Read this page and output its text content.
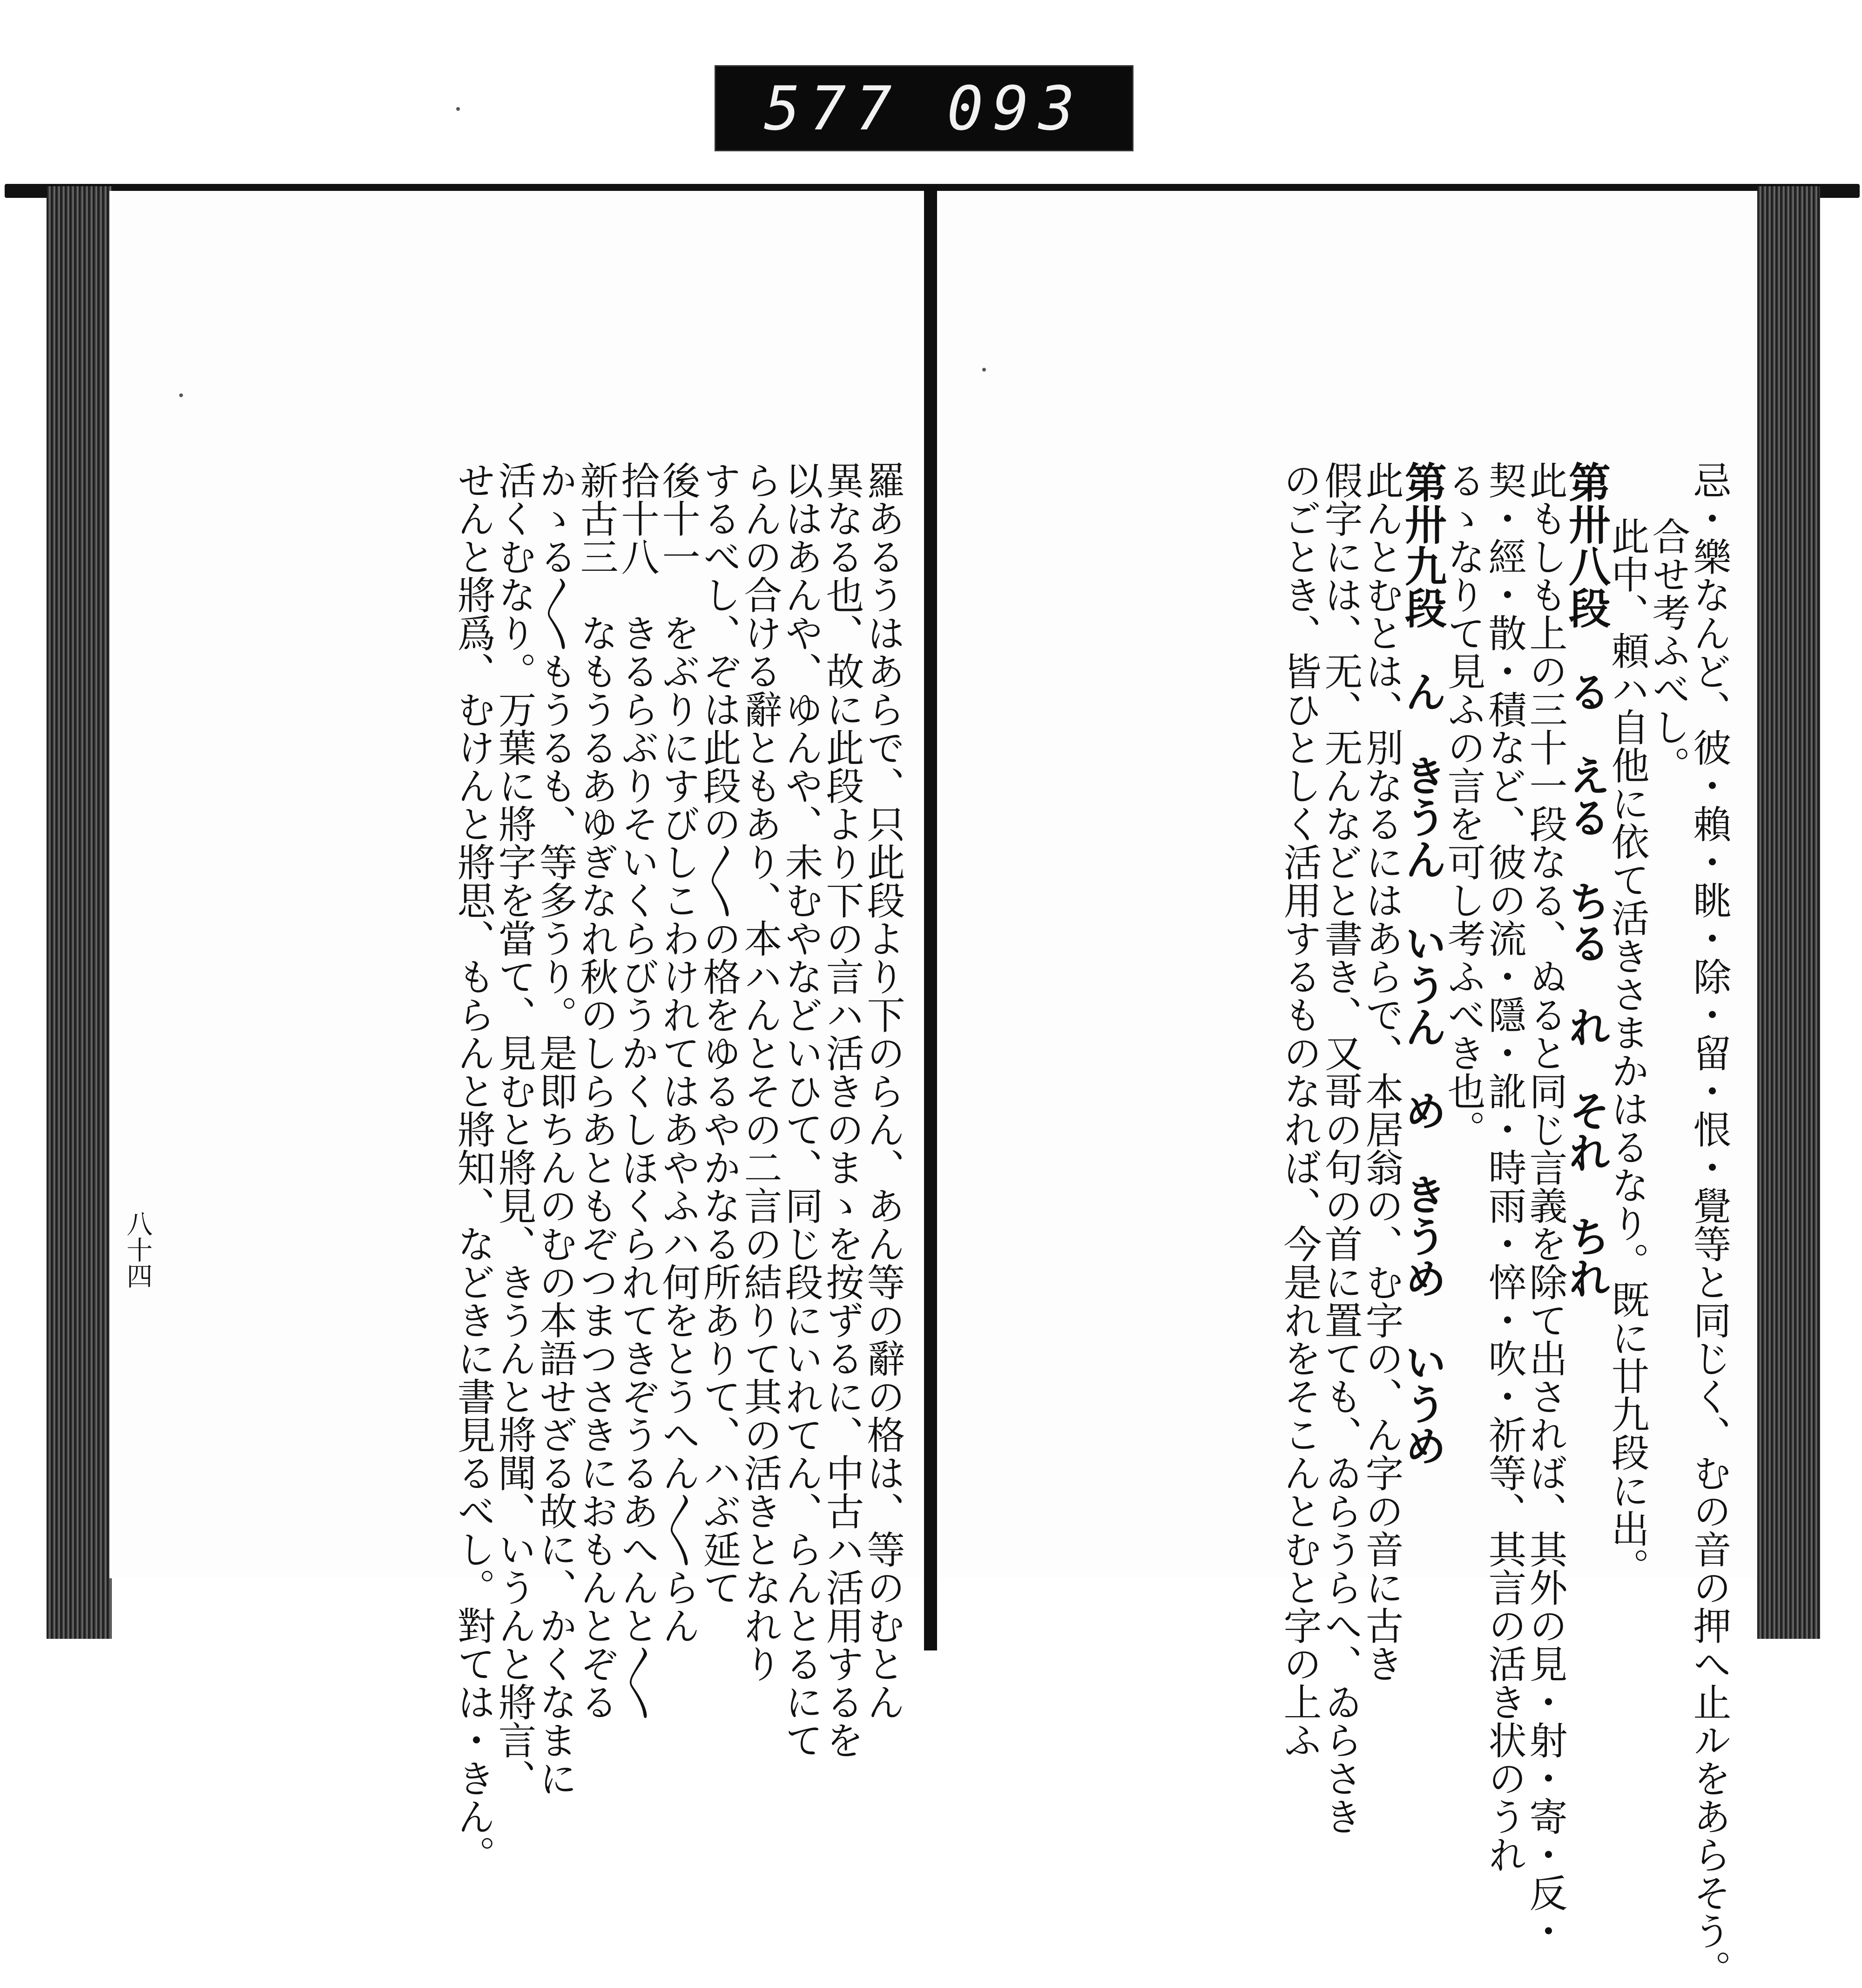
577 093
忌・樂なんど、彼・賴・眺・除・留・恨・覺等と同じく、むの音の押へ止ルをあらそう。
合せ考ふべし。
此中、頼ハ自他に依て活きさまかはるなり。既に廿九段に出。
第卅八段　る　える　ちる　れ　それ　ちれ
此もしも上の三十一段なる、ぬると同じ言義を除て出されば、其外の見・射・寄・反・
契・經・散・積など、彼の流・隱・訛・時雨・悴・吹・祈等、其言の活き状のうれ
るゝなりて見ふの言を可し考ふべき也。
第卅九段　ん　きうん　いうん　め　きうめ　いうめ
此んとむとは、別なるにはあらで、本居翁の、む字の、ん字の音に古き
假字には、无、无んなどと書き、又哥の句の首に置ても、ゐらうらへ、ゐらさき
のごとき、皆ひとしく活用するものなれば、今是れをそこんとむと字の上ふ
羅あるうはあらで、只此段より下のらん、あん等の辭の格は、等のむとん
異なる也、故に此段より下の言ハ活きのまゝを按ずるに、中古ハ活用するを
以はあんや、ゆんや、未むやなどいひて、同じ段にいれてん、らんとるにて
らんの合ける辭ともあり、本ハんとその二言の結りて其の活きとなれり
するべし、ぞは此段の〳〵の格をゆるやかなる所ありて、ハぶ延て
後十一　をぶりにすびしこわけれてはあやふハ何をとうへん〳〵らん
拾十八　きるらぶりそいくらびうかくしほくられてきぞうるあへんと〳〵
新古三　なもうるあゆぎなれ秋のしらあともぞつまつさきにおもんとぞる
かゝる〳〵もうるも、等多うり。是即ちんのむの本語せざる故に、かくなまに
活くむなり。万葉に將字を當て、見むと將見、きうんと將聞、いうんと將言、
せんと將爲、むけんと將思、もらんと將知、などきに書見るべし。對ては・きん。
八十四
